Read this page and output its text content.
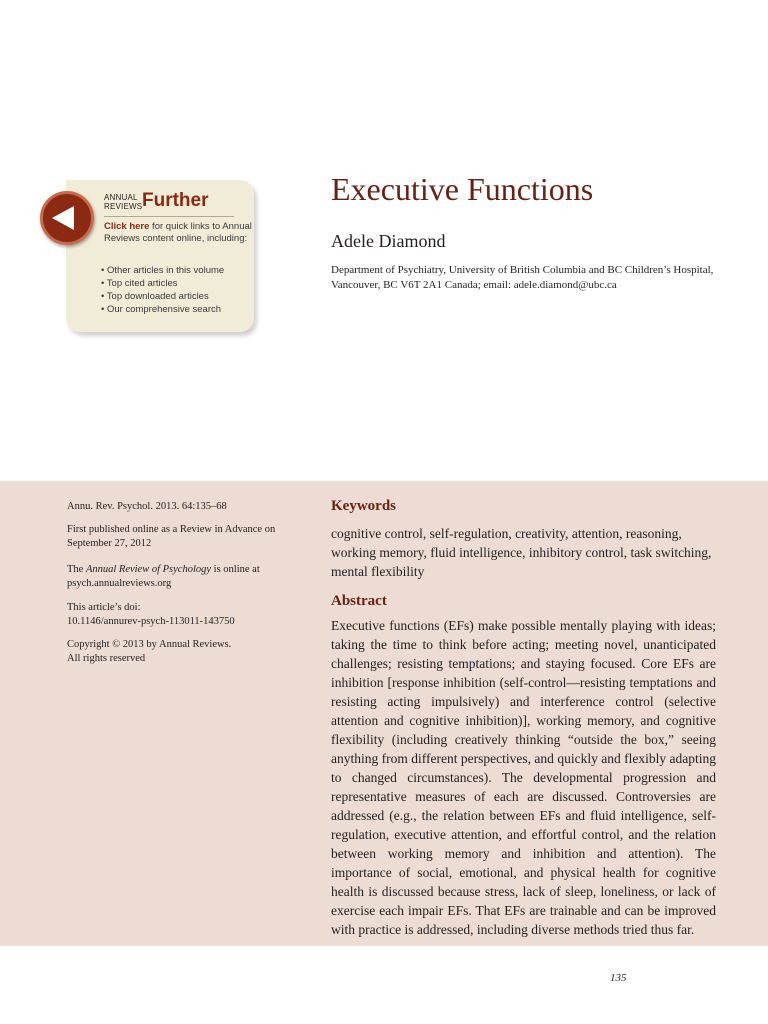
ANNUAL
REVIEWS Further
Click here for quick links to Annual Reviews content online, including:
• Other articles in this volume
• Top cited articles
• Top downloaded articles
• Our comprehensive search
Executive Functions
Adele Diamond
Department of Psychiatry, University of British Columbia and BC Children’s Hospital, Vancouver, BC V6T 2A1 Canada; email: adele.diamond@ubc.ca
Annu. Rev. Psychol. 2013. 64:135–68
First published online as a Review in Advance on September 27, 2012
The Annual Review of Psychology is online at psych.annualreviews.org
This article’s doi:
10.1146/annurev-psych-113011-143750
Copyright © 2013 by Annual Reviews.
All rights reserved
Keywords
cognitive control, self-regulation, creativity, attention, reasoning, working memory, fluid intelligence, inhibitory control, task switching, mental flexibility
Abstract
Executive functions (EFs) make possible mentally playing with ideas; taking the time to think before acting; meeting novel, unanticipated challenges; resisting temptations; and staying focused. Core EFs are inhibition [response inhibition (self-control—resisting temptations and resisting acting impulsively) and interference control (selective attention and cognitive inhibition)], working memory, and cognitive flexibility (including creatively thinking “outside the box,” seeing anything from different perspectives, and quickly and flexibly adapting to changed circumstances). The developmental progression and representative measures of each are discussed. Controversies are addressed (e.g., the relation between EFs and fluid intelligence, self-regulation, executive attention, and effortful control, and the relation between working memory and inhibition and attention). The importance of social, emotional, and physical health for cognitive health is discussed because stress, lack of sleep, loneliness, or lack of exercise each impair EFs. That EFs are trainable and can be improved with practice is addressed, including diverse methods tried thus far.
135
